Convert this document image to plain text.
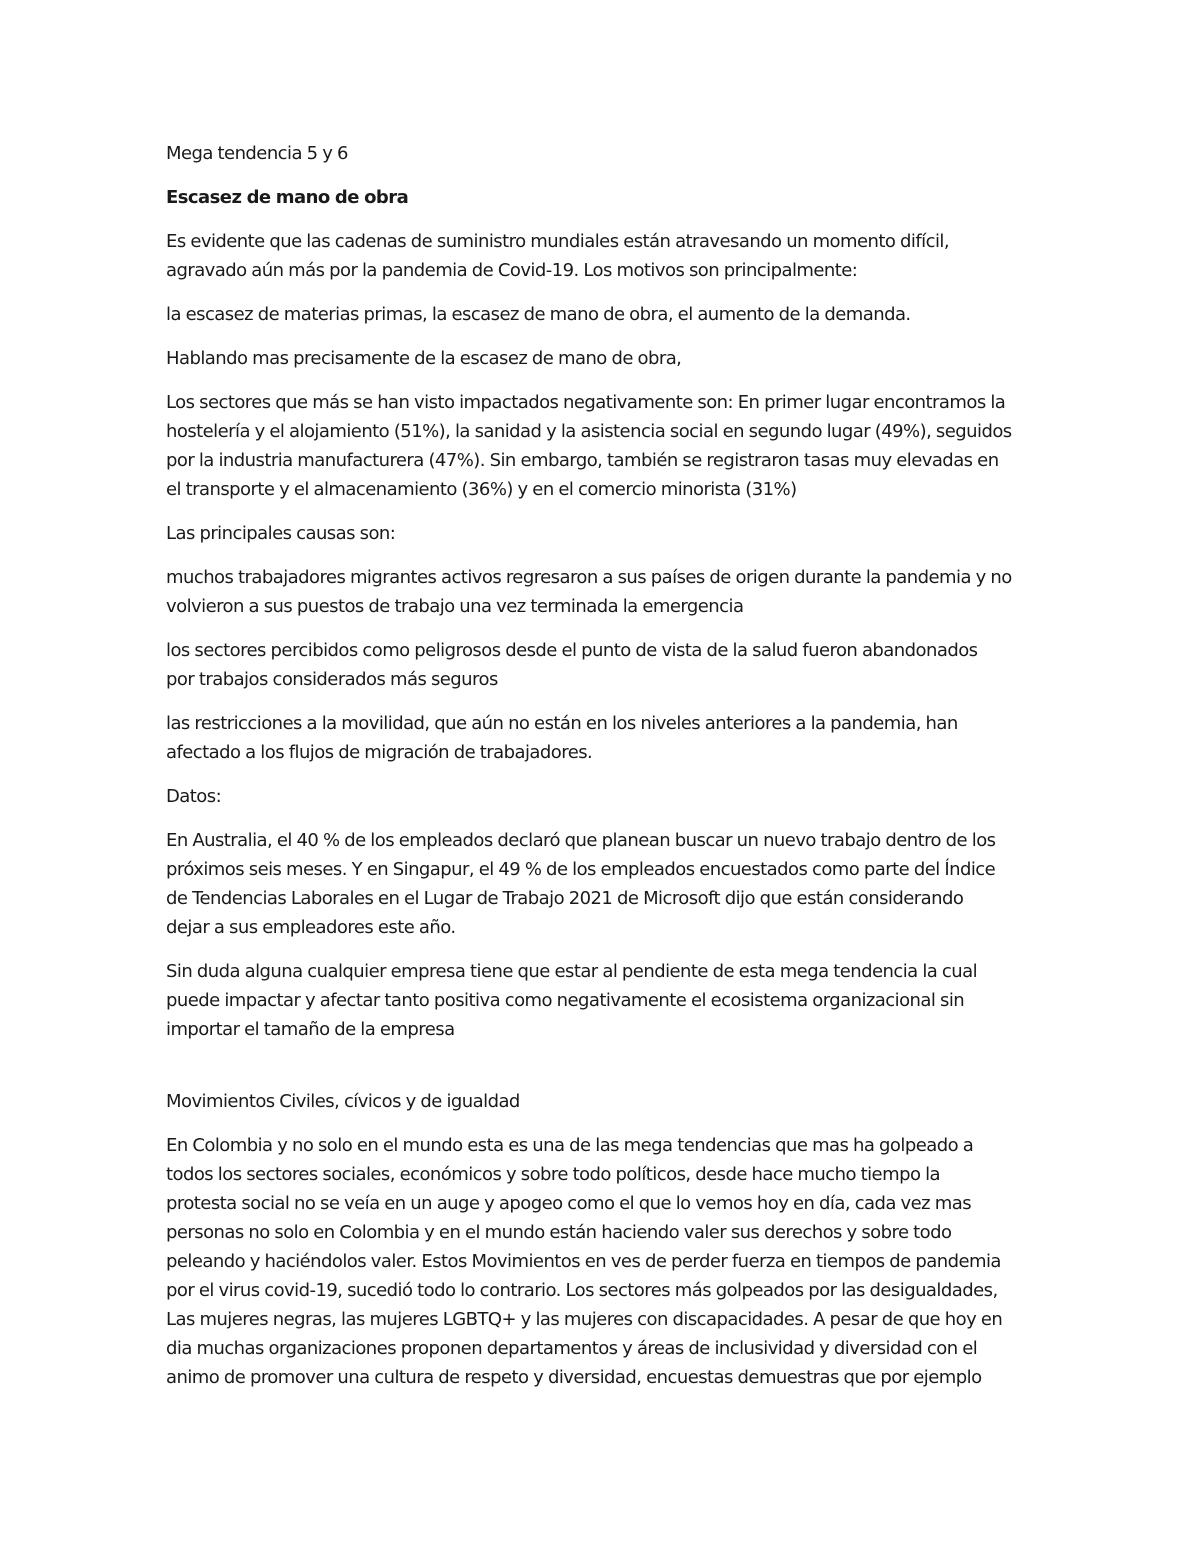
Mega tendencia 5 y 6

Escasez de mano de obra

Es evidente que las cadenas de suministro mundiales están atravesando un momento difícil,
agravado aún más por la pandemia de Covid-19. Los motivos son principalmente:

la escasez de materias primas, la escasez de mano de obra, el aumento de la demanda.

Hablando mas precisamente de la escasez de mano de obra,

Los sectores que más se han visto impactados negativamente son: En primer lugar encontramos la
hostelería y el alojamiento (51%), la sanidad y la asistencia social en segundo lugar (49%), seguidos
por la industria manufacturera (47%). Sin embargo, también se registraron tasas muy elevadas en
el transporte y el almacenamiento (36%) y en el comercio minorista (31%)

Las principales causas son:

muchos trabajadores migrantes activos regresaron a sus países de origen durante la pandemia y no
volvieron a sus puestos de trabajo una vez terminada la emergencia

los sectores percibidos como peligrosos desde el punto de vista de la salud fueron abandonados
por trabajos considerados más seguros

las restricciones a la movilidad, que aún no están en los niveles anteriores a la pandemia, han
afectado a los flujos de migración de trabajadores.

Datos:

En Australia, el 40 % de los empleados declaró que planean buscar un nuevo trabajo dentro de los
próximos seis meses. Y en Singapur, el 49 % de los empleados encuestados como parte del Índice
de Tendencias Laborales en el Lugar de Trabajo 2021 de Microsoft dijo que están considerando
dejar a sus empleadores este año.

Sin duda alguna cualquier empresa tiene que estar al pendiente de esta mega tendencia la cual
puede impactar y afectar tanto positiva como negativamente el ecosistema organizacional sin
importar el tamaño de la empresa

Movimientos Civiles, cívicos y de igualdad

En Colombia y no solo en el mundo esta es una de las mega tendencias que mas ha golpeado a
todos los sectores sociales, económicos y sobre todo políticos, desde hace mucho tiempo la
protesta social no se veía en un auge y apogeo como el que lo vemos hoy en día, cada vez mas
personas no solo en Colombia y en el mundo están haciendo valer sus derechos y sobre todo
peleando y haciéndolos valer. Estos Movimientos en ves de perder fuerza en tiempos de pandemia
por el virus covid-19, sucedió todo lo contrario. Los sectores más golpeados por las desigualdades,
Las mujeres negras, las mujeres LGBTQ+ y las mujeres con discapacidades. A pesar de que hoy en
dia muchas organizaciones proponen departamentos y áreas de inclusividad y diversidad con el
animo de promover una cultura de respeto y diversidad, encuestas demuestras que por ejemplo
